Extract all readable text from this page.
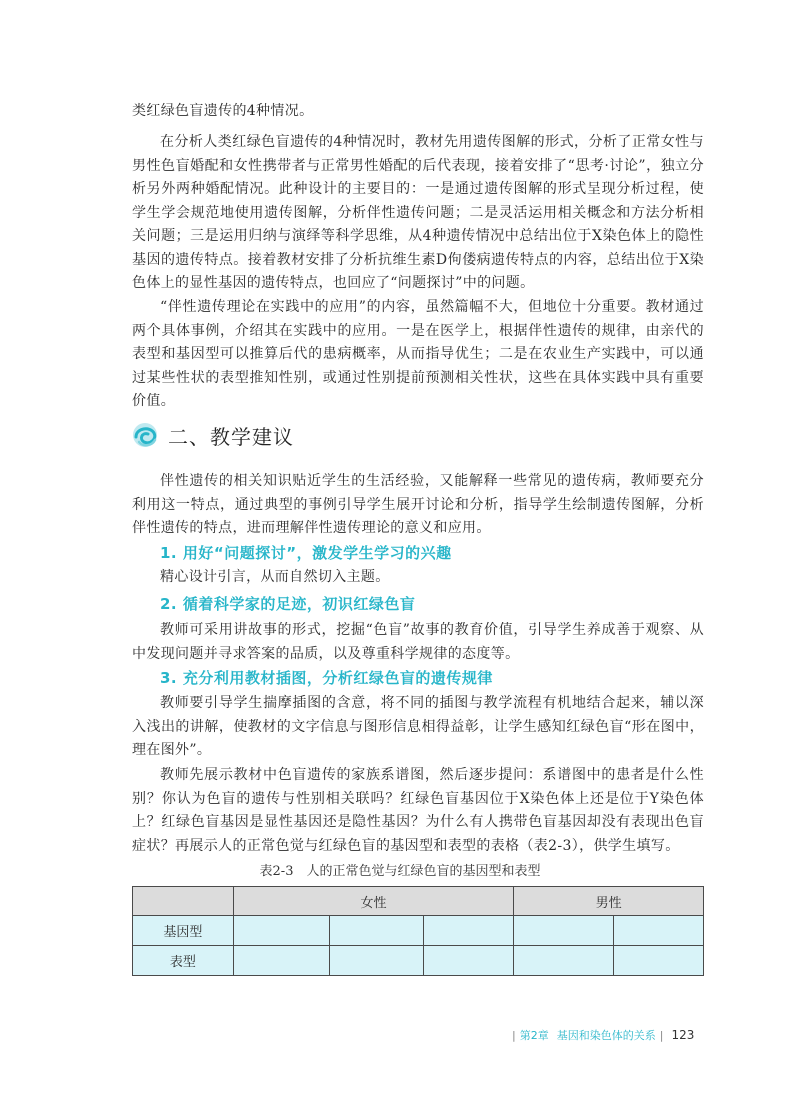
类红绿色盲遗传的4种情况。

在分析人类红绿色盲遗传的4种情况时，教材先用遗传图解的形式，分析了正常女性与男性色盲婚配和女性携带者与正常男性婚配的后代表现，接着安排了“思考·讨论”，独立分析另外两种婚配情况。此种设计的主要目的：一是通过遗传图解的形式呈现分析过程，使学生学会规范地使用遗传图解，分析伴性遗传问题；二是灵活运用相关概念和方法分析相关问题；三是运用归纳与演绎等科学思维，从4种遗传情况中总结出位于X染色体上的隐性基因的遗传特点。接着教材安排了分析抗维生素D佝偻病遗传特点的内容，总结出位于X染色体上的显性基因的遗传特点，也回应了“问题探讨”中的问题。

“伴性遗传理论在实践中的应用”的内容，虽然篇幅不大，但地位十分重要。教材通过两个具体事例，介绍其在实践中的应用。一是在医学上，根据伴性遗传的规律，由亲代的表型和基因型可以推算后代的患病概率，从而指导优生；二是在农业生产实践中，可以通过某些性状的表型推知性别，或通过性别提前预测相关性状，这些在具体实践中具有重要价值。

二、教学建议

伴性遗传的相关知识贴近学生的生活经验，又能解释一些常见的遗传病，教师要充分利用这一特点，通过典型的事例引导学生展开讨论和分析，指导学生绘制遗传图解，分析伴性遗传的特点，进而理解伴性遗传理论的意义和应用。

1. 用好“问题探讨”，激发学生学习的兴趣

精心设计引言，从而自然切入主题。

2. 循着科学家的足迹，初识红绿色盲

教师可采用讲故事的形式，挖掘“色盲”故事的教育价值，引导学生养成善于观察、从中发现问题并寻求答案的品质，以及尊重科学规律的态度等。

3. 充分利用教材插图，分析红绿色盲的遗传规律

教师要引导学生揣摩插图的含意，将不同的插图与教学流程有机地结合起来，辅以深入浅出的讲解，使教材的文字信息与图形信息相得益彰，让学生感知红绿色盲“形在图中，理在图外”。

教师先展示教材中色盲遗传的家族系谱图，然后逐步提问：系谱图中的患者是什么性别？你认为色盲的遗传与性别相关联吗？红绿色盲基因位于X染色体上还是位于Y染色体上？红绿色盲基因是显性基因还是隐性基因？为什么有人携带色盲基因却没有表现出色盲症状？再展示人的正常色觉与红绿色盲的基因型和表型的表格（表2-3），供学生填写。

表2-3　人的正常色觉与红绿色盲的基因型和表型
	女性			男性	
基因型					
表型					
| 第2章 基因和染色体的关系 | 123
